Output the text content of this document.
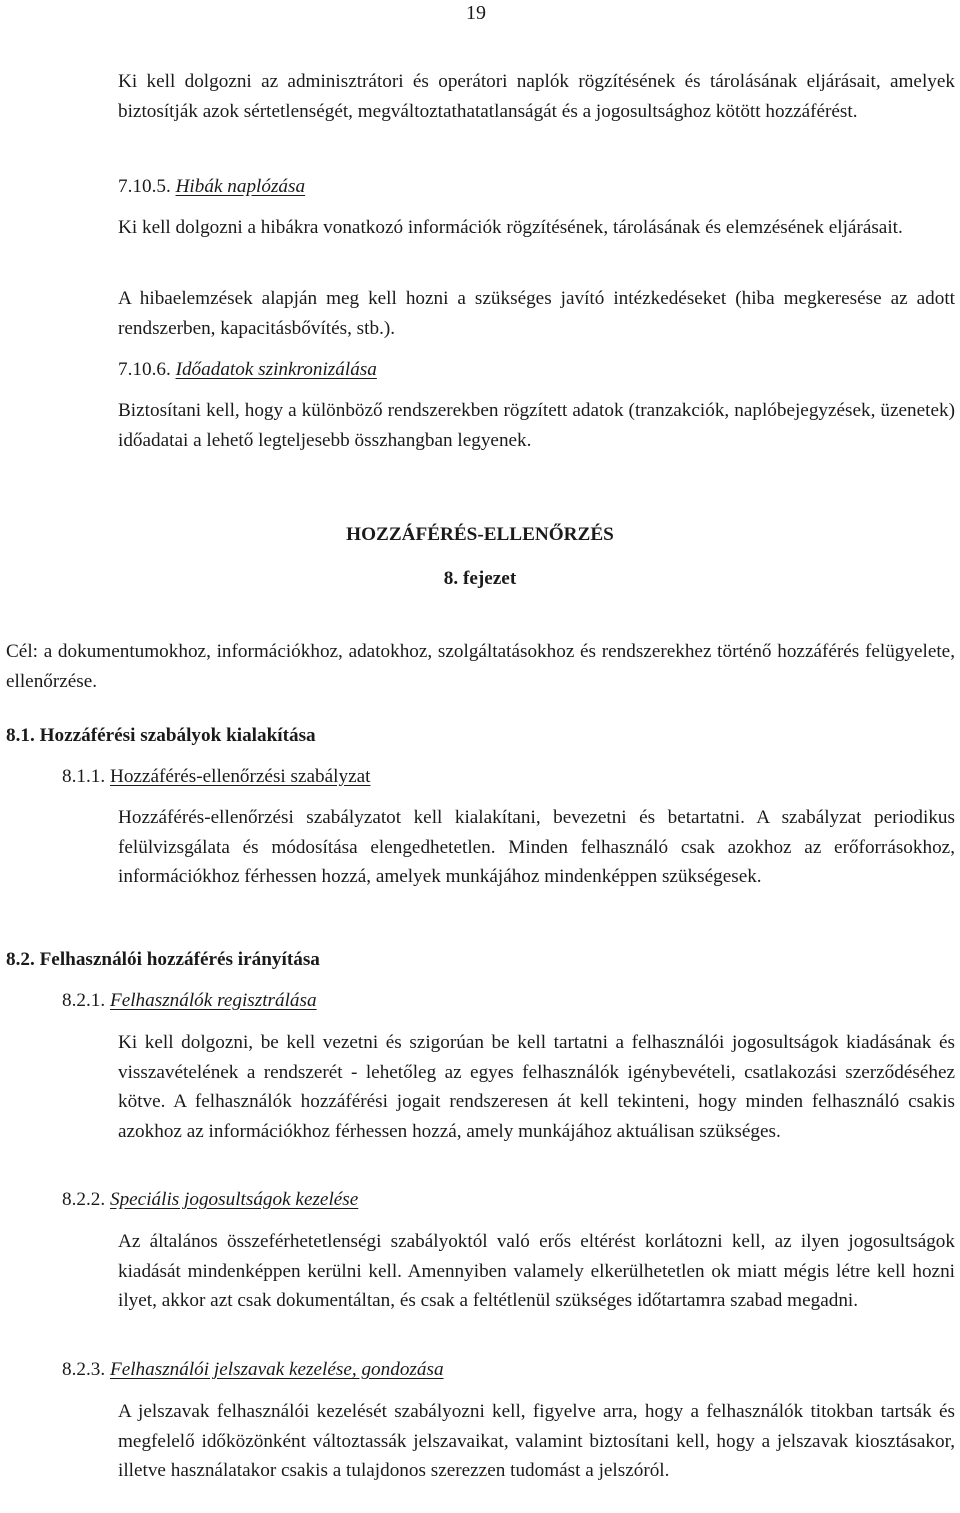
19

Ki kell dolgozni az adminisztrátori és operátori naplók rögzítésének és tárolásának eljárásait, amelyek biztosítják azok sértetlenségét, megváltoztathatatlanságát és a jogosultsághoz kötött hozzáférést.

7.10.5. Hibák naplózása

Ki kell dolgozni a hibákra vonatkozó információk rögzítésének, tárolásának és elemzésének eljárásait.

A hibaelemzések alapján meg kell hozni a szükséges javító intézkedéseket (hiba megkeresése az adott rendszerben, kapacitásbővítés, stb.).

7.10.6. Időadatok szinkronizálása

Biztosítani kell, hogy a különböző rendszerekben rögzített adatok (tranzakciók, naplóbejegyzések, üzenetek) időadatai a lehető legteljesebb összhangban legyenek.

HOZZÁFÉRÉS-ELLENŐRZÉS

8. fejezet

Cél: a dokumentumokhoz, információkhoz, adatokhoz, szolgáltatásokhoz és rendszerekhez történő hozzáférés felügyelete, ellenőrzése.

8.1. Hozzáférési szabályok kialakítása

8.1.1. Hozzáférés-ellenőrzési szabályzat

Hozzáférés-ellenőrzési szabályzatot kell kialakítani, bevezetni és betartatni. A szabályzat periodikus felülvizsgálata és módosítása elengedhetetlen. Minden felhasználó csak azokhoz az erőforrásokhoz, információkhoz férhessen hozzá, amelyek munkájához mindenképpen szükségesek.

8.2. Felhasználói hozzáférés irányítása

8.2.1. Felhasználók regisztrálása

Ki kell dolgozni, be kell vezetni és szigorúan be kell tartatni a felhasználói jogosultságok kiadásának és visszavételének a rendszerét - lehetőleg az egyes felhasználók igénybevételi, csatlakozási szerződéséhez kötve. A felhasználók hozzáférési jogait rendszeresen át kell tekinteni, hogy minden felhasználó csakis azokhoz az információkhoz férhessen hozzá, amely munkájához aktuálisan szükséges.

8.2.2. Speciális jogosultságok kezelése

Az általános összeférhetetlenségi szabályoktól való erős eltérést korlátozni kell, az ilyen jogosultságok kiadását mindenképpen kerülni kell. Amennyiben valamely elkerülhetetlen ok miatt mégis létre kell hozni ilyet, akkor azt csak dokumentáltan, és csak a feltétlenül szükséges időtartamra szabad megadni.

8.2.3. Felhasználói jelszavak kezelése, gondozása

A jelszavak felhasználói kezelését szabályozni kell, figyelve arra, hogy a felhasználók titokban tartsák és megfelelő időközönként változtassák jelszavaikat, valamint biztosítani kell, hogy a jelszavak kiosztásakor, illetve használatakor csakis a tulajdonos szerezzen tudomást a jelszóról.
